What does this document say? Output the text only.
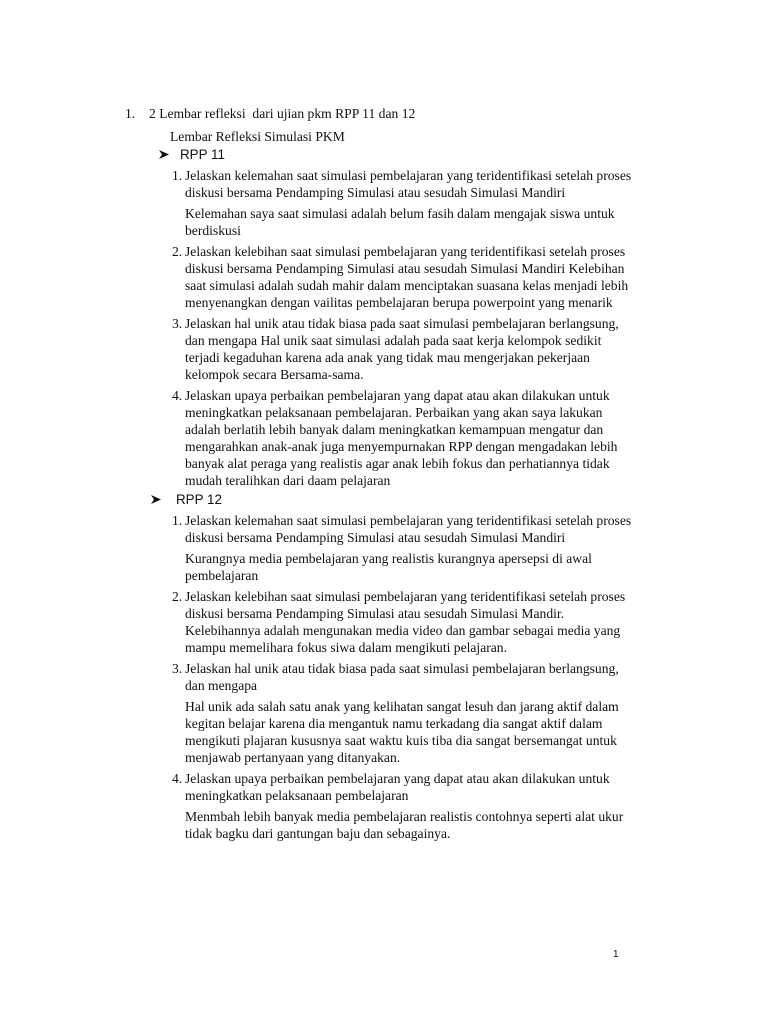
1. 2 Lembar refleksi  dari ujian pkm RPP 11 dan 12
Lembar Refleksi Simulasi PKM
RPP 11
1. Jelaskan kelemahan saat simulasi pembelajaran yang teridentifikasi setelah proses diskusi bersama Pendamping Simulasi atau sesudah Simulasi Mandiri

Kelemahan saya saat simulasi adalah belum fasih dalam mengajak siswa untuk berdiskusi

2. Jelaskan kelebihan saat simulasi pembelajaran yang teridentifikasi setelah proses diskusi bersama Pendamping Simulasi atau sesudah Simulasi Mandiri Kelebihan saat simulasi adalah sudah mahir dalam menciptakan suasana kelas menjadi lebih menyenangkan dengan vailitas pembelajaran berupa powerpoint yang menarik

3. Jelaskan hal unik atau tidak biasa pada saat simulasi pembelajaran berlangsung, dan mengapa Hal unik saat simulasi adalah pada saat kerja kelompok sedikit terjadi kegaduhan karena ada anak yang tidak mau mengerjakan pekerjaan kelompok secara Bersama-sama.

4. Jelaskan upaya perbaikan pembelajaran yang dapat atau akan dilakukan untuk meningkatkan pelaksanaan pembelajaran. Perbaikan yang akan saya lakukan adalah berlatih lebih banyak dalam meningkatkan kemampuan mengatur dan mengarahkan anak-anak juga menyempurnakan RPP dengan mengadakan lebih banyak alat peraga yang realistis agar anak lebih fokus dan perhatiannya tidak mudah teralihkan dari daam pelajaran

RPP 12
1. Jelaskan kelemahan saat simulasi pembelajaran yang teridentifikasi setelah proses diskusi bersama Pendamping Simulasi atau sesudah Simulasi Mandiri

Kurangnya media pembelajaran yang realistis kurangnya apersepsi di awal pembelajaran

2. Jelaskan kelebihan saat simulasi pembelajaran yang teridentifikasi setelah proses diskusi bersama Pendamping Simulasi atau sesudah Simulasi Mandir. Kelebihannya adalah mengunakan media video dan gambar sebagai media yang mampu memelihara fokus siwa dalam mengikuti pelajaran.

3. Jelaskan hal unik atau tidak biasa pada saat simulasi pembelajaran berlangsung, dan mengapa

Hal unik ada salah satu anak yang kelihatan sangat lesuh dan jarang aktif dalam kegitan belajar karena dia mengantuk namu terkadang dia sangat aktif dalam mengikuti plajaran kususnya saat waktu kuis tiba dia sangat bersemangat untuk menjawab pertanyaan yang ditanyakan.

4. Jelaskan upaya perbaikan pembelajaran yang dapat atau akan dilakukan untuk meningkatkan pelaksanaan pembelajaran

Menmbah lebih banyak media pembelajaran realistis contohnya seperti alat ukur tidak bagku dari gantungan baju dan sebagainya.

1
